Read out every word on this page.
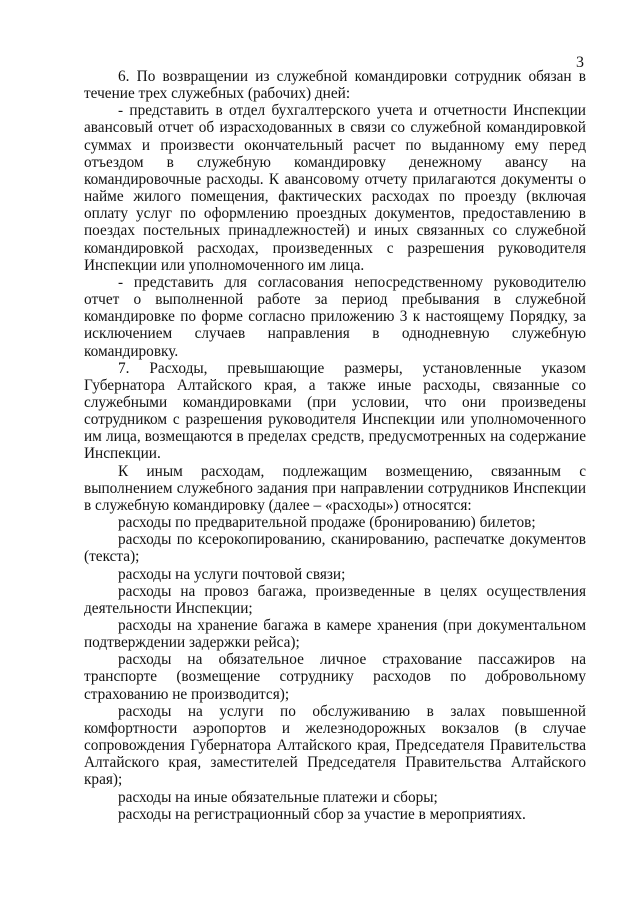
3

6. По возвращении из служебной командировки сотрудник обязан в течение трех служебных (рабочих) дней:

- представить в отдел бухгалтерского учета и отчетности Инспекции авансовый отчет об израсходованных в связи со служебной командировкой суммах и произвести окончательный расчет по выданному ему перед отъездом в служебную командировку денежному авансу на командировочные расходы. К авансовому отчету прилагаются документы о найме жилого помещения, фактических расходах по проезду (включая оплату услуг по оформлению проездных документов, предоставлению в поездах постельных принадлежностей) и иных связанных со служебной командировкой расходах, произведенных с разрешения руководителя Инспекции или уполномоченного им лица.

- представить для согласования непосредственному руководителю отчет о выполненной работе за период пребывания в служебной командировке по форме согласно приложению 3 к настоящему Порядку, за исключением случаев направления в однодневную служебную командировку.

7. Расходы, превышающие размеры, установленные указом Губернатора Алтайского края, а также иные расходы, связанные со служебными командировками (при условии, что они произведены сотрудником с разрешения руководителя Инспекции или уполномоченного им лица, возмещаются в пределах средств, предусмотренных на содержание Инспекции.

К иным расходам, подлежащим возмещению, связанным с выполнением служебного задания при направлении сотрудников Инспекции в служебную командировку (далее – «расходы») относятся:

расходы по предварительной продаже (бронированию) билетов;

расходы по ксерокопированию, сканированию, распечатке документов (текста);

расходы на услуги почтовой связи;

расходы на провоз багажа, произведенные в целях осуществления деятельности Инспекции;

расходы на хранение багажа в камере хранения (при документальном подтверждении задержки рейса);

расходы на обязательное личное страхование пассажиров на транспорте (возмещение сотруднику расходов по добровольному страхованию не производится);

расходы на услуги по обслуживанию в залах повышенной комфортности аэропортов и железнодорожных вокзалов (в случае сопровождения Губернатора Алтайского края, Председателя Правительства Алтайского края, заместителей Председателя Правительства Алтайского края);

расходы на иные обязательные платежи и сборы;

расходы на регистрационный сбор за участие в мероприятиях.
